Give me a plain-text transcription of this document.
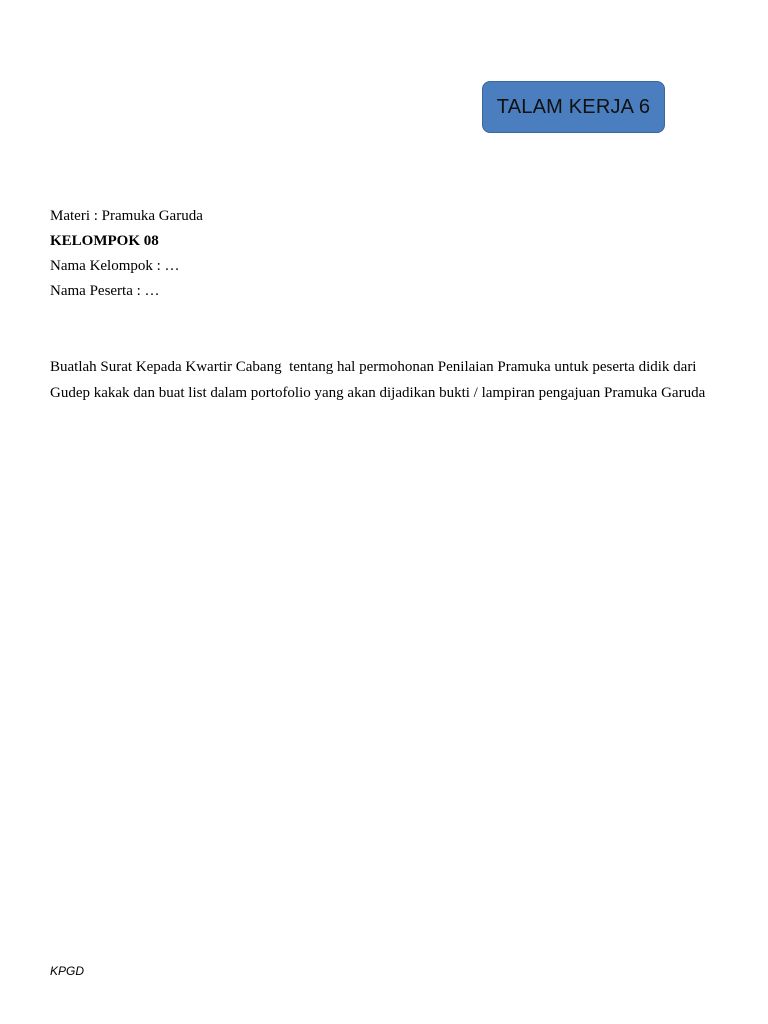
TALAM KERJA 6
Materi : Pramuka Garuda
KELOMPOK 08
Nama Kelompok : …
Nama Peserta : …
Buatlah Surat Kepada Kwartir Cabang  tentang hal permohonan Penilaian Pramuka untuk peserta didik dari Gudep kakak dan buat list dalam portofolio yang akan dijadikan bukti / lampiran pengajuan Pramuka Garuda
KPGD
